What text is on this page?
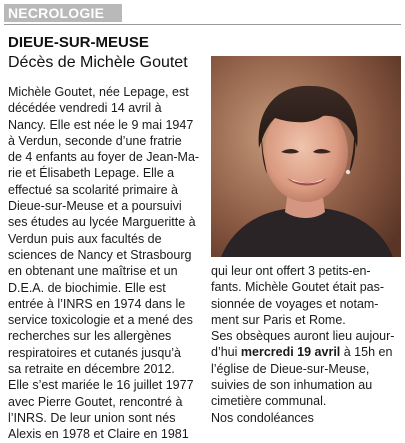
NECROLOGIE
DIEUE-SUR-MEUSE
Décès de Michèle Goutet
Michèle Goutet, née Lepage, est
décédée vendredi 14 avril à
Nancy. Elle est née le 9 mai 1947
à Verdun, seconde d’une fratrie
de 4 enfants au foyer de Jean-Ma-
rie et Élisabeth Lepage. Elle a
effectué sa scolarité primaire à
Dieue-sur-Meuse et a poursuivi
ses études au lycée Margueritte à
Verdun puis aux facultés de
sciences de Nancy et Strasbourg
en obtenant une maîtrise et un
D.E.A. de biochimie. Elle est
entrée à l’INRS en 1974 dans le
service toxicologie et a mené des
recherches sur les allergènes
respiratoires et cutanés jusqu’à
sa retraite en décembre 2012.
Elle s’est mariée le 16 juillet 1977
avec Pierre Goutet, rencontré à
l’INRS. De leur union sont nés
Alexis en 1978 et Claire en 1981
qui leur ont offert 3 petits-en-
fants. Michèle Goutet était pas-
sionnée de voyages et notam-
ment sur Paris et Rome.
Ses obsèques auront lieu aujour-
d’hui mercredi 19 avril à 15h en
l’église de Dieue-sur-Meuse,
suivies de son inhumation au
cimetière communal.
Nos condoléances
